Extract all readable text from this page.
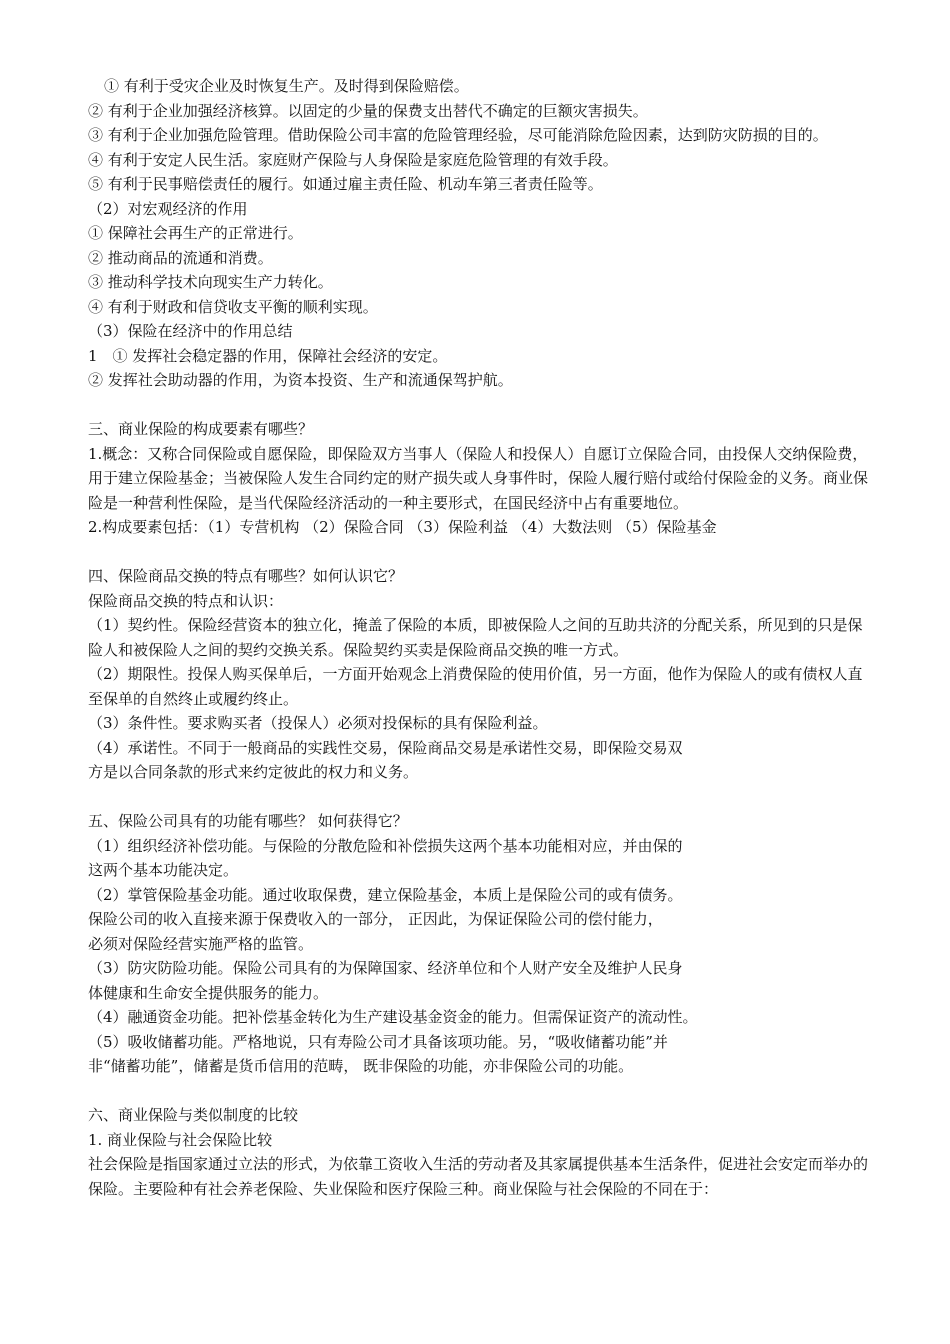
① 有利于受灾企业及时恢复生产。及时得到保险赔偿。

② 有利于企业加强经济核算。以固定的少量的保费支出替代不确定的巨额灾害损失。

③ 有利于企业加强危险管理。借助保险公司丰富的危险管理经验，尽可能消除危险因素，达到防灾防损的目的。

④ 有利于安定人民生活。家庭财产保险与人身保险是家庭危险管理的有效手段。

⑤ 有利于民事赔偿责任的履行。如通过雇主责任险、机动车第三者责任险等。

（2）对宏观经济的作用

① 保障社会再生产的正常进行。

② 推动商品的流通和消费。

③ 推动科学技术向现实生产力转化。

④ 有利于财政和信贷收支平衡的顺利实现。

（3）保险在经济中的作用总结

1　① 发挥社会稳定器的作用，保障社会经济的安定。

② 发挥社会助动器的作用，为资本投资、生产和流通保驾护航。

三、商业保险的构成要素有哪些？

1.概念：又称合同保险或自愿保险，即保险双方当事人（保险人和投保人）自愿订立保险合同，由投保人交纳保险费，用于建立保险基金；当被保险人发生合同约定的财产损失或人身事件时，保险人履行赔付或给付保险金的义务。商业保险是一种营利性保险，是当代保险经济活动的一种主要形式，在国民经济中占有重要地位。

2.构成要素包括：（1）专营机构 （2）保险合同 （3）保险利益 （4）大数法则 （5）保险基金

四、保险商品交换的特点有哪些？如何认识它？

保险商品交换的特点和认识：

（1）契约性。保险经营资本的独立化，掩盖了保险的本质，即被保险人之间的互助共济的分配关系，所见到的只是保险人和被保险人之间的契约交换关系。保险契约买卖是保险商品交换的唯一方式。

（2）期限性。投保人购买保单后，一方面开始观念上消费保险的使用价值，另一方面，他作为保险人的或有债权人直至保单的自然终止或履约终止。

（3）条件性。要求购买者（投保人）必须对投保标的具有保险利益。

（4）承诺性。不同于一般商品的实践性交易，保险商品交易是承诺性交易，即保险交易双

方是以合同条款的形式来约定彼此的权力和义务。

五、保险公司具有的功能有哪些？ 如何获得它？

（1）组织经济补偿功能。与保险的分散危险和补偿损失这两个基本功能相对应，并由保的

这两个基本功能决定。

（2）掌管保险基金功能。通过收取保费，建立保险基金，本质上是保险公司的或有债务。

保险公司的收入直接来源于保费收入的一部分， 正因此，为保证保险公司的偿付能力，

必须对保险经营实施严格的监管。

（3）防灾防险功能。保险公司具有的为保障国家、经济单位和个人财产安全及维护人民身

体健康和生命安全提供服务的能力。

（4）融通资金功能。把补偿基金转化为生产建设基金资金的能力。但需保证资产的流动性。

（5）吸收储蓄功能。严格地说，只有寿险公司才具备该项功能。另，“吸收储蓄功能”并

非“储蓄功能”，储蓄是货币信用的范畴， 既非保险的功能，亦非保险公司的功能。

六、商业保险与类似制度的比较

1. 商业保险与社会保险比较

社会保险是指国家通过立法的形式，为依靠工资收入生活的劳动者及其家属提供基本生活条件，促进社会安定而举办的保险。主要险种有社会养老保险、失业保险和医疗保险三种。商业保险与社会保险的不同在于：
